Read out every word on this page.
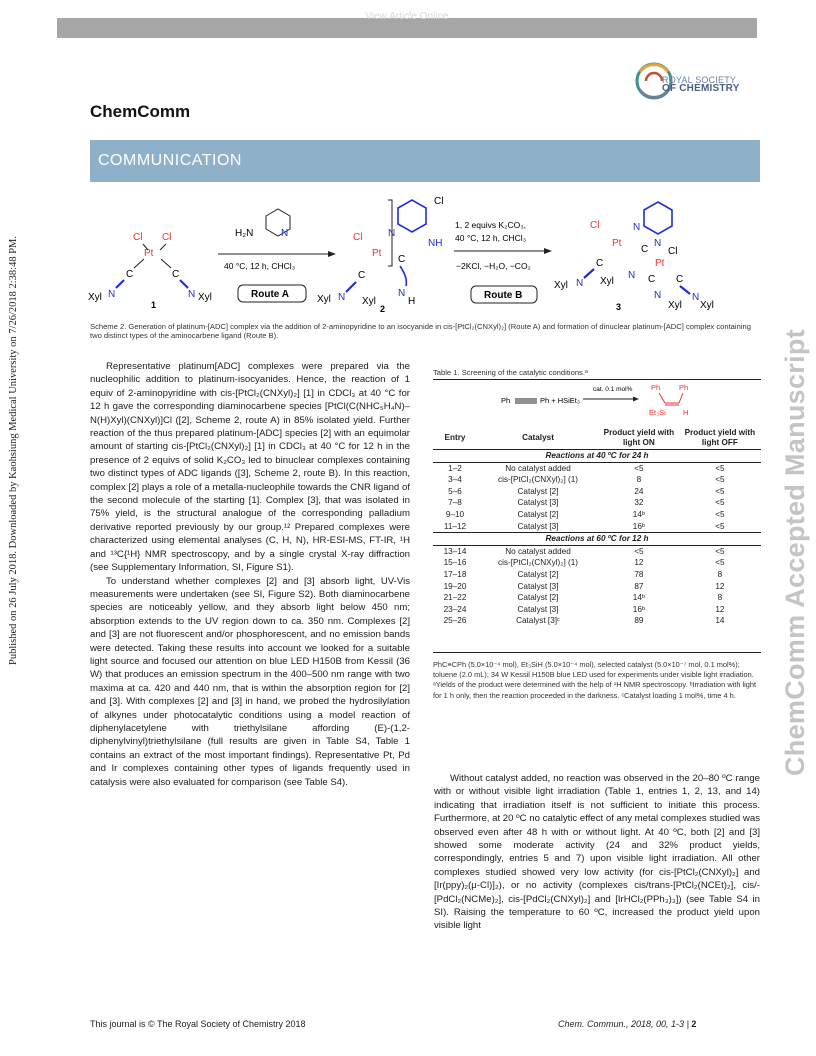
View Article Online
ChemComm
ROYAL SOCIETY
OF CHEMISTRY
COMMUNICATION
Published on 26 July 2018. Downloaded by Kaohsiung Medical University on 7/26/2018 2:38:48 PM.	ChemComm Accepted Manuscript
Cl Cl
Pt
C	C
N	N
Xyl	Xyl
1
H₂N	N
40 °C, 12 h, CHCl₃
Route A
Cl
Cl	N
Pt
NH
C
C
N
Xyl	Xyl
N
H
2
1, 2 equivs K₂CO₃,
40 °C, 12 h, CHCl₃
−2KCl, −H₂O, −CO₂
Route B
Cl	N
Pt
C
N
Cl
Pt
C
N
Xyl
N
Xyl	C C
N	N
Xyl Xyl
3
Scheme 2. Generation of platinum-[ADC] complex via the addition of 2-aminopyridine to an isocyanide in cis-[PtCl₂(CNXyl)₂] (Route A) and formation of dinuclear platinum-[ADC] complex containing two distinct types of the aminocarbene ligand (Route B).

Representative platinum[ADC] complexes were prepared via the nucleophilic addition to platinum-isocyanides. Hence, the reaction of 1 equiv of 2-aminopyridine with cis-[PtCl₂(CNXyl)₂] [1] in CDCl₃ at 40 °C for 12 h gave the corresponding diaminocarbene species [PtCl(C(NHC₅H₄N)–N(H)Xyl)(CNXyl)]Cl ([2], Scheme 2, route A) in 85% isolated yield. Further reaction of the thus prepared platinum-[ADC] species [2] with an equimolar amount of starting cis-[PtCl₂(CNXyl)₂] [1] in CDCl₃ at 40 °C for 12 h in the presence of 2 equivs of solid K₂CO₃ led to binuclear complexes containing two distinct types of ADC ligands ([3], Scheme 2, route B). In this reaction, complex [2] plays a role of a metalla-nucleophile towards the CNR ligand of the second molecule of the starting [1]. Complex [3], that was isolated in 75% yield, is the structural analogue of the corresponding palladium derivative reported previously by our group.¹² Prepared complexes were characterized using elemental analyses (C, H, N), HR-ESI-MS, FT-IR, ¹H and ¹³C{¹H} NMR spectroscopy, and by a single crystal X-ray diffraction (see Supplementary Information, SI, Figure S1).

To understand whether complexes [2] and [3] absorb light, UV-Vis measurements were undertaken (see SI, Figure S2). Both diaminocarbene species are noticeably yellow, and they absorb light below 450 nm; absorption extends to the UV region down to ca. 350 nm. Complexes [2] and [3] are not fluorescent and/or phosphorescent, and no emission bands were detected. Taking these results into account we looked for a suitable light source and focused our attention on blue LED H150B from Kessil (36 W) that produces an emission spectrum in the 400–500 nm range with two maxima at ca. 420 and 440 nm, that is within the absorption region for [2] and [3]. With complexes [2] and [3] in hand, we probed the hydrosilylation of alkynes under photocatalytic conditions using a model reaction of diphenylacetylene with triethylsilane affording (E)-(1,2-diphenylvinyl)triethylsilane (full results are given in Table S4, Table 1 contains an extract of the most important findings). Representative Pt, Pd and Ir complexes containing other types of ligands frequently used in catalysis were also evaluated for comparison (see Table S4).

Table 1. Screening of the catalytic conditions.ᵃ
cat. 0.1 mol%
Ph	Ph + HSiEt₃
Ph	Ph
Et₃Si H
Entry	Catalyst	Product yield with light ON	Product yield with light OFF
Reactions at 40 ºC for 24 h			
1–2	No catalyst added	<5	<5
3–4	cis-[PtCl₂(CNXyl)₂] (1)	8	<5
5–6	Catalyst [2]	24	<5
7–8	Catalyst [3]	32	<5
9–10	Catalyst [2]	14ᵇ	<5
11–12	Catalyst [3]	16ᵇ	<5
Reactions at 60 ºC for 12 h			
13–14	No catalyst added	<5	<5
15–16	cis-[PtCl₂(CNXyl)₂] (1)	12	<5
17–18	Catalyst [2]	78	8
19–20	Catalyst [3]	87	12
21–22	Catalyst [2]	14ᵇ	8
23–24	Catalyst [3]	16ᵇ	12
25–26	Catalyst [3]ᶜ	89	14
PhC≡CPh (5.0×10⁻⁴ mol), Et₃SiH (5.0×10⁻⁴ mol), selected catalyst (5.0×10⁻⁷ mol, 0.1 mol%); toluene (2.0 mL); 34 W Kessil H150B blue LED used for experiments under visible light irradiation. ᵃYields of the product were determined with the help of ¹H NMR spectroscopy. ᵇIrradiation with light for 1 h only, then the reaction proceeded in the darkness. ᶜCatalyst loading 1 mol%, time 4 h.

Without catalyst added, no reaction was observed in the 20–80 ºC range with or without visible light irradiation (Table 1, entries 1, 2, 13, and 14) indicating that irradiation itself is not sufficient to initiate this process. Furthermore, at 20 ºC no catalytic effect of any metal complexes studied was observed even after 48 h with or without light. At 40 ºC, both [2] and [3] showed some moderate activity (24 and 32% product yields, correspondingly, entries 5 and 7) upon visible light irradiation. All other complexes studied showed very low activity (for cis-[PtCl₂(CNXyl)₂] and [Ir(ppy)₂(μ-Cl)]₂), or no activity (complexes cis/trans-[PtCl₂(NCEt)₂], cis/-[PdCl₂(NCMe)₂], cis-[PdCl₂(CNXyl)₂] and [IrHCl₂(PPh₃)₃]) (see Table S4 in SI). Raising the temperature to 60 ºC, increased the product yield upon visible light

This journal is © The Royal Society of Chemistry 2018	Chem. Commun., 2018, 00, 1-3 | 2
